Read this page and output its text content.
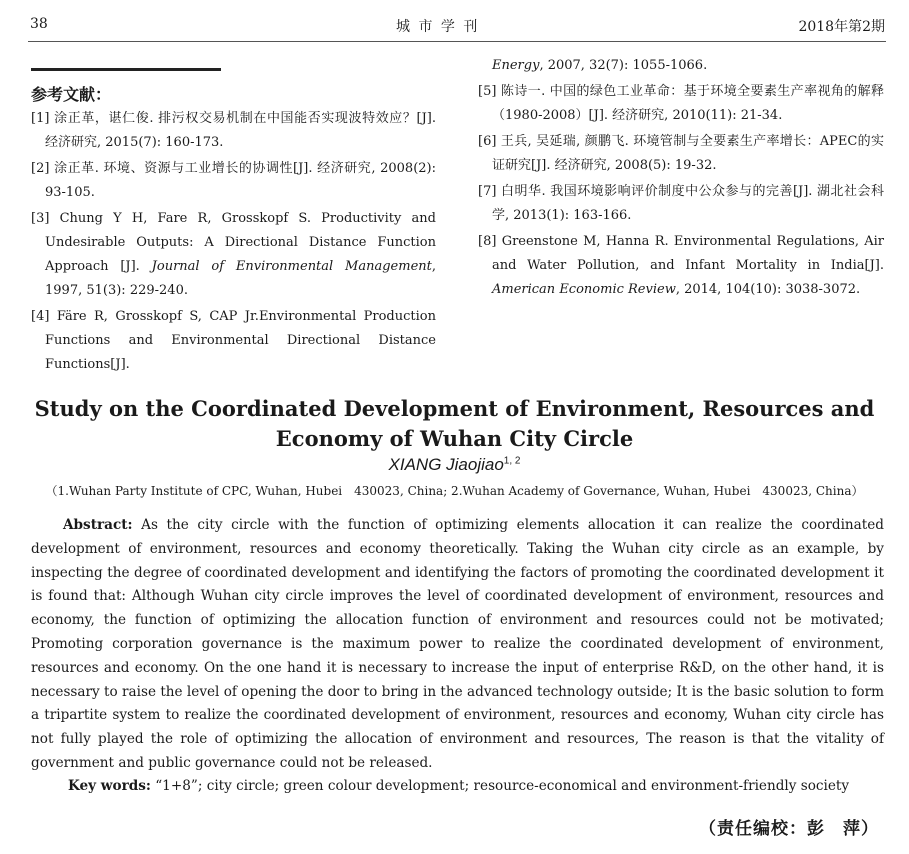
38	城 市 学 刊	2018年第2期
参考文献：
[1] 涂正革，谌仁俊. 排污权交易机制在中国能否实现波特效应？[J]. 经济研究, 2015(7): 160-173.
[2] 涂正革. 环境、资源与工业增长的协调性[J]. 经济研究, 2008(2): 93-105.
[3] Chung Y H, Fare R, Grosskopf S. Productivity and Undesirable Outputs: A Directional Distance Function Approach [J]. Journal of Environmental Management, 1997, 51(3): 229-240.
[4] Färe R, Grosskopf S, CAP Jr.Environmental Production Functions and Environmental Directional Distance Functions[J].
Energy, 2007, 32(7): 1055-1066.
[5] 陈诗一. 中国的绿色工业革命：基于环境全要素生产率视角的解释（1980-2008）[J]. 经济研究, 2010(11): 21-34.
[6] 王兵, 吴延瑞, 颜鹏飞. 环境管制与全要素生产率增长：APEC的实证研究[J]. 经济研究, 2008(5): 19-32.
[7] 白明华. 我国环境影响评价制度中公众参与的完善[J]. 湖北社会科学, 2013(1): 163-166.
[8] Greenstone M, Hanna R. Environmental Regulations, Air and Water Pollution, and Infant Mortality in India[J]. American Economic Review, 2014, 104(10): 3038-3072.
Study on the Coordinated Development of Environment, Resources and
Economy of Wuhan City Circle
XIANG Jiaojiao$^{1, 2}$
（1.Wuhan Party Institute of CPC, Wuhan, Hubei　430023, China; 2.Wuhan Academy of Governance, Wuhan, Hubei　430023, China）
Abstract: As the city circle with the function of optimizing elements allocation it can realize the coordinated development of environment, resources and economy theoretically. Taking the Wuhan city circle as an example, by inspecting the degree of coordinated development and identifying the factors of promoting the coordinated development it is found that: Although Wuhan city circle improves the level of coordinated development of environment, resources and economy, the function of optimizing the allocation function of environment and resources could not be motivated; Promoting corporation governance is the maximum power to realize the coordinated development of environment, resources and economy. On the one hand it is necessary to increase the input of enterprise R&D, on the other hand, it is necessary to raise the level of opening the door to bring in the advanced technology outside; It is the basic solution to form a tripartite system to realize the coordinated development of environment, resources and economy, Wuhan city circle has not fully played the role of optimizing the allocation of environment and resources, The reason is that the vitality of government and public governance could not be released.
Key words: “1+8”; city circle; green colour development; resource-economical and environment-friendly society
（责任编校：彭　萍）
